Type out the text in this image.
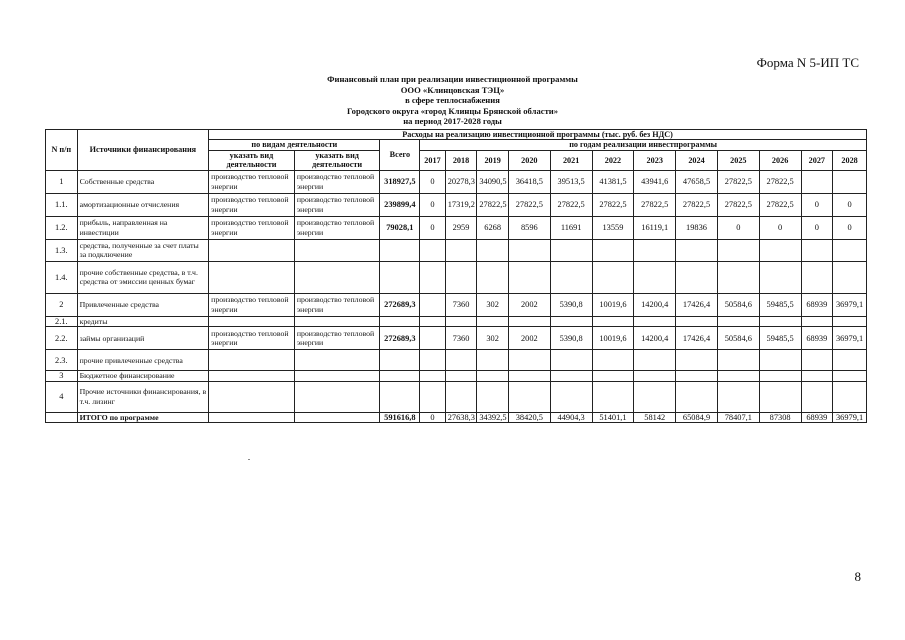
Форма N 5-ИП ТС
Финансовый план при реализации инвестиционной программы
ООО «Клинцовская ТЭЦ»
в сфере теплоснабжения
Городского округа «город Клинцы Брянской области»
на период 2017-2028 годы
N п/п	Источники финансирования	Расходы на реализацию инвестиционной программы (тыс. руб. без НДС)														
		по видам деятельности		Всего	по годам реализации инвестпрограммы											
		указать вид деятельности	указать вид деятельности		2017	2018	2019	2020	2021	2022	2023	2024	2025	2026	2027	2028

1	Собственные средства	производство тепловой энергии	производство тепловой энергии	318927,5	0	20278,3	34090,5	36418,5	39513,5	41381,5	43941,6	47658,5	27822,5	27822,5		
1.1.	амортизационные отчисления	производство тепловой энергии	производство тепловой энергии	239899,4	0	17319,2	27822,5	27822,5	27822,5	27822,5	27822,5	27822,5	27822,5	27822,5	0	0
1.2.	прибыль, направленная на инвестиции	производство тепловой энергии	производство тепловой энергии	79028,1	0	2959	6268	8596	11691	13559	16119,1	19836	0	0	0	0
1.3.	средства, полученные за счет платы за подключение															
1.4.	прочие собственные средства, в т.ч. средства от эмиссии ценных бумаг															
2	Привлеченные средства	производство тепловой энергии	производство тепловой энергии	272689,3		7360	302	2002	5390,8	10019,6	14200,4	17426,4	50584,6	59485,5	68939	36979,1
2.1.	кредиты															
2.2.	займы организаций	производство тепловой энергии	производство тепловой энергии	272689,3		7360	302	2002	5390,8	10019,6	14200,4	17426,4	50584,6	59485,5	68939	36979,1
2.3.	прочие привлеченные средства															
3	Бюджетное финансирование															
4	Прочие источники финансирования, в т.ч. лизинг															
	ИТОГО по программе			591616,8	0	27638,3	34392,5	38420,5	44904,3	51401,1	58142	65084,9	78407,1	87308	68939	36979,1
8
